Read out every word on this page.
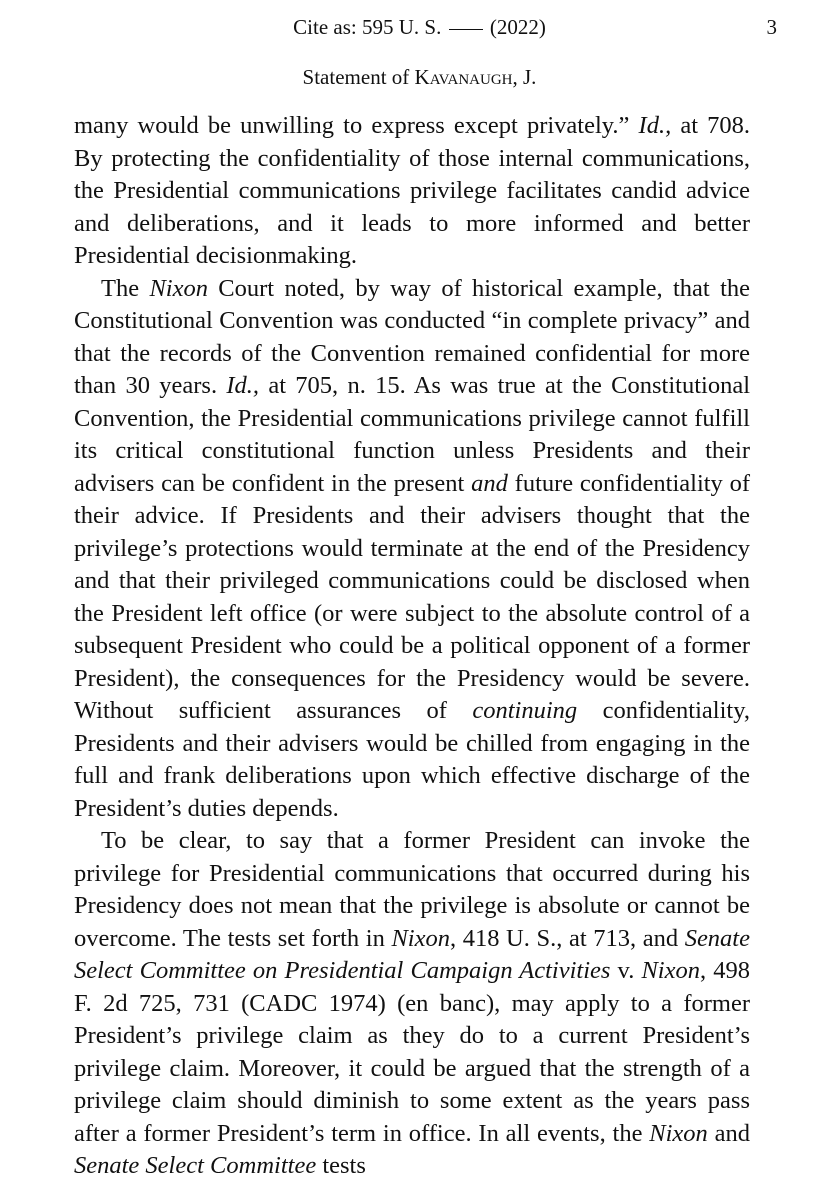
Cite as: 595 U. S. (2022)	3
Statement of Kavanaugh, J.

many would be unwilling to express except privately.” Id., at 708. By protecting the confidentiality of those internal communications, the Presidential communications privilege facilitates candid advice and deliberations, and it leads to more informed and better Presidential decisionmaking.

The Nixon Court noted, by way of historical example, that the Constitutional Convention was conducted “in complete privacy” and that the records of the Convention remained confidential for more than 30 years. Id., at 705, n. 15. As was true at the Constitutional Convention, the Presidential communications privilege cannot fulfill its critical constitutional function unless Presidents and their advisers can be confident in the present and future confidentiality of their advice. If Presidents and their advisers thought that the privilege’s protections would terminate at the end of the Presidency and that their privileged communications could be disclosed when the President left office (or were subject to the absolute control of a subsequent President who could be a political opponent of a former President), the consequences for the Presidency would be severe. Without sufficient assurances of continuing confidentiality, Presidents and their advisers would be chilled from engaging in the full and frank deliberations upon which effective discharge of the President’s duties depends.

To be clear, to say that a former President can invoke the privilege for Presidential communications that occurred during his Presidency does not mean that the privilege is absolute or cannot be overcome. The tests set forth in Nixon, 418 U. S., at 713, and Senate Select Committee on Presidential Campaign Activities v. Nixon, 498 F. 2d 725, 731 (CADC 1974) (en banc), may apply to a former President’s privilege claim as they do to a current President’s privilege claim. Moreover, it could be argued that the strength of a privilege claim should diminish to some extent as the years pass after a former President’s term in office. In all events, the Nixon and Senate Select Committee tests
